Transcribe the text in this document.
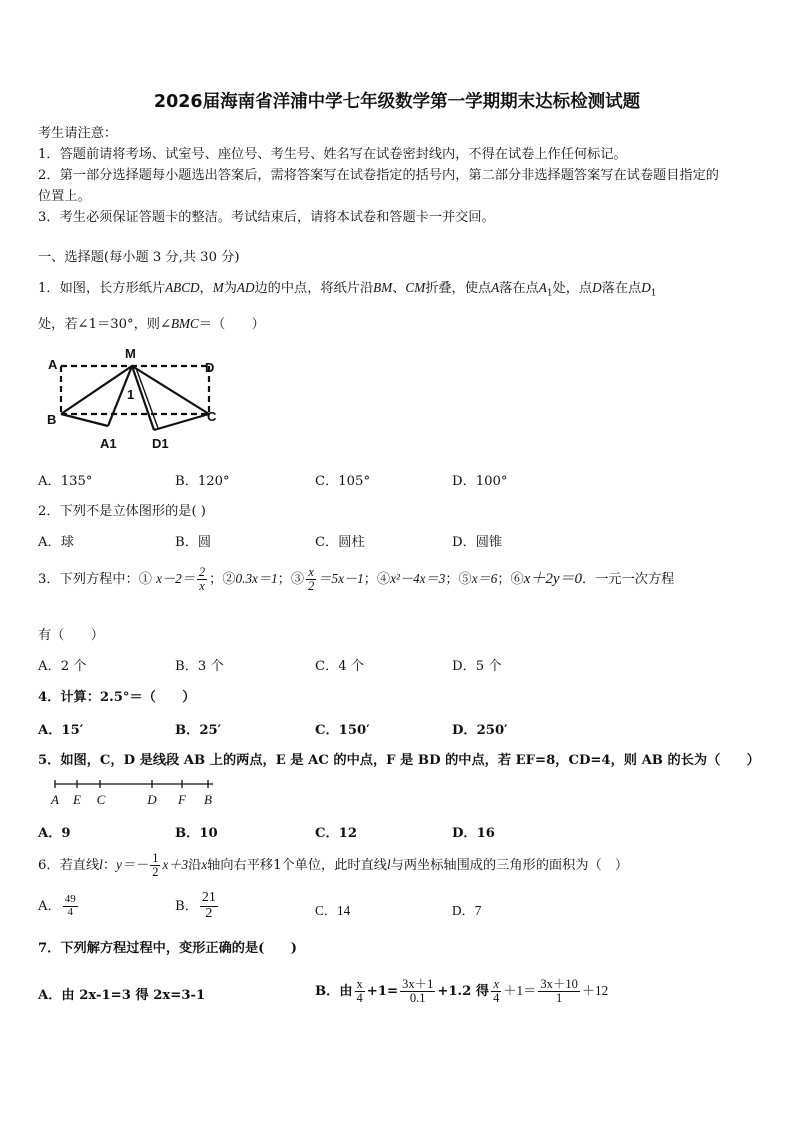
2026届海南省洋浦中学七年级数学第一学期期末达标检测试题
考生请注意：
1．答题前请将考场、试室号、座位号、考生号、姓名写在试卷密封线内，不得在试卷上作任何标记。
2．第一部分选择题每小题选出答案后，需将答案写在试卷指定的括号内，第二部分非选择题答案写在试卷题目指定的
位置上。
3．考生必须保证答题卡的整洁。考试结束后，请将本试卷和答题卡一并交回。
一、选择题(每小题 3 分,共 30 分)
1．如图，长方形纸片ABCD，M为AD边的中点，将纸片沿BM、CM折叠，使点A落在点$A_1$处，点D落在点$D_1$
处，若∠1＝30°，则∠BMC＝（　　）
A
M
D
B	C
A1	D1
1
A．135°	B．120°	C．105°	D．100°
2．下列不是立体图形的是( )
A．球	B．圆	C．圆柱	D．圆锥
3．下列方程中：① $x-2= \frac{2}{x}$ ；②0.3x＝1；③ $\frac{x}{2} =5x-1$；④x²－4x＝3；⑤x＝6；⑥x＋2y＝0．一元一次方程
有（　　）
A．2 个	B．3 个	C．4 个	D．5 个
4．计算：2.5°＝（　　）
A．15′	B．25′	C．150′	D．250′
5．如图，C，D 是线段 AB 上的两点，E 是 AC 的中点，F 是 BD 的中点，若 EF=8，CD=4，则 AB 的长为（　　）
A E C	D F B
A．9	B．10	C．12	D．16
6．若直线l：$y=- \frac{1}{2} x+3$沿x轴向右平移1个单位，此时直线l与两坐标轴围成的三角形的面积为（　）
A． $\frac{49}{4}$	B． $\frac{21}{2}$	C．14	D．7
7．下列解方程过程中，变形正确的是(　　)
A．由 2x-1=3 得 2x=3-1	B．由 $\frac{x}{4} +1= \frac{3x+1}{0.1} +1.2$ 得 $\frac{x}{4} +1= \frac{3x+10}{1} +12$
